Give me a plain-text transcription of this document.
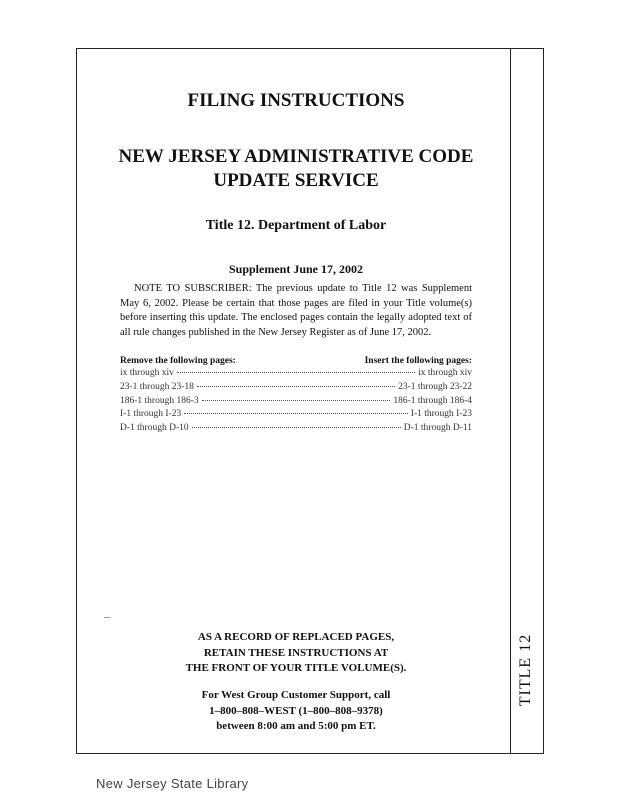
TITLE 12

FILING INSTRUCTIONS

NEW JERSEY ADMINISTRATIVE CODE
UPDATE SERVICE

Title 12. Department of Labor

Supplement June 17, 2002

NOTE TO SUBSCRIBER: The previous update to Title 12 was Supplement May 6, 2002. Please be certain that those pages are filed in your Title volume(s) before inserting this update. The enclosed pages contain the legally adopted text of all rule changes published in the New Jersey Register as of June 17, 2002.

Remove the following pages:	Insert the following pages:
ix through xiv	ix through xiv
23-1 through 23-18	23-1 through 23-22
186-1 through 186-3	186-1 through 186-4
I-1 through I-23	I-1 through I-23
D-1 through D-10	D-1 through D-11
AS A RECORD OF REPLACED PAGES,
RETAIN THESE INSTRUCTIONS AT
THE FRONT OF YOUR TITLE VOLUME(S).
For West Group Customer Support, call
1–800–808–WEST (1–800–808–9378)
between 8:00 am and 5:00 pm ET.
New Jersey State Library
